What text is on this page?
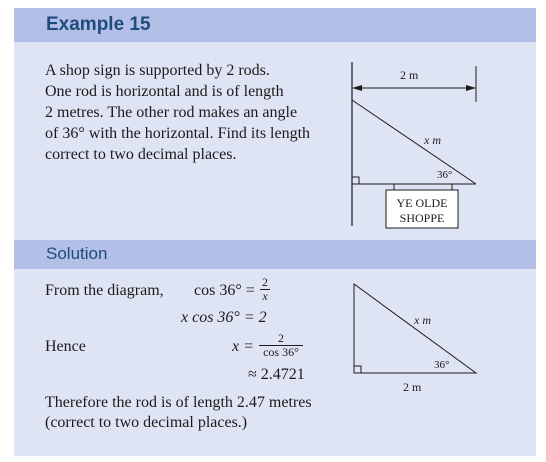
Example 15
A shop sign is supported by 2 rods.
One rod is horizontal and is of length
2 metres. The other rod makes an angle
of 36° with the horizontal. Find its length
correct to two decimal places.
2 m
x m
36°
YE OLDE
SHOPPE
Solution
From the diagram, cos 36° = 2
x
x cos 36° = 2
Hence	x =	2
cos 36°
≈ 2.4721
Therefore the rod is of length 2.47 metres
(correct to two decimal places.)
x m
36°
2 m
